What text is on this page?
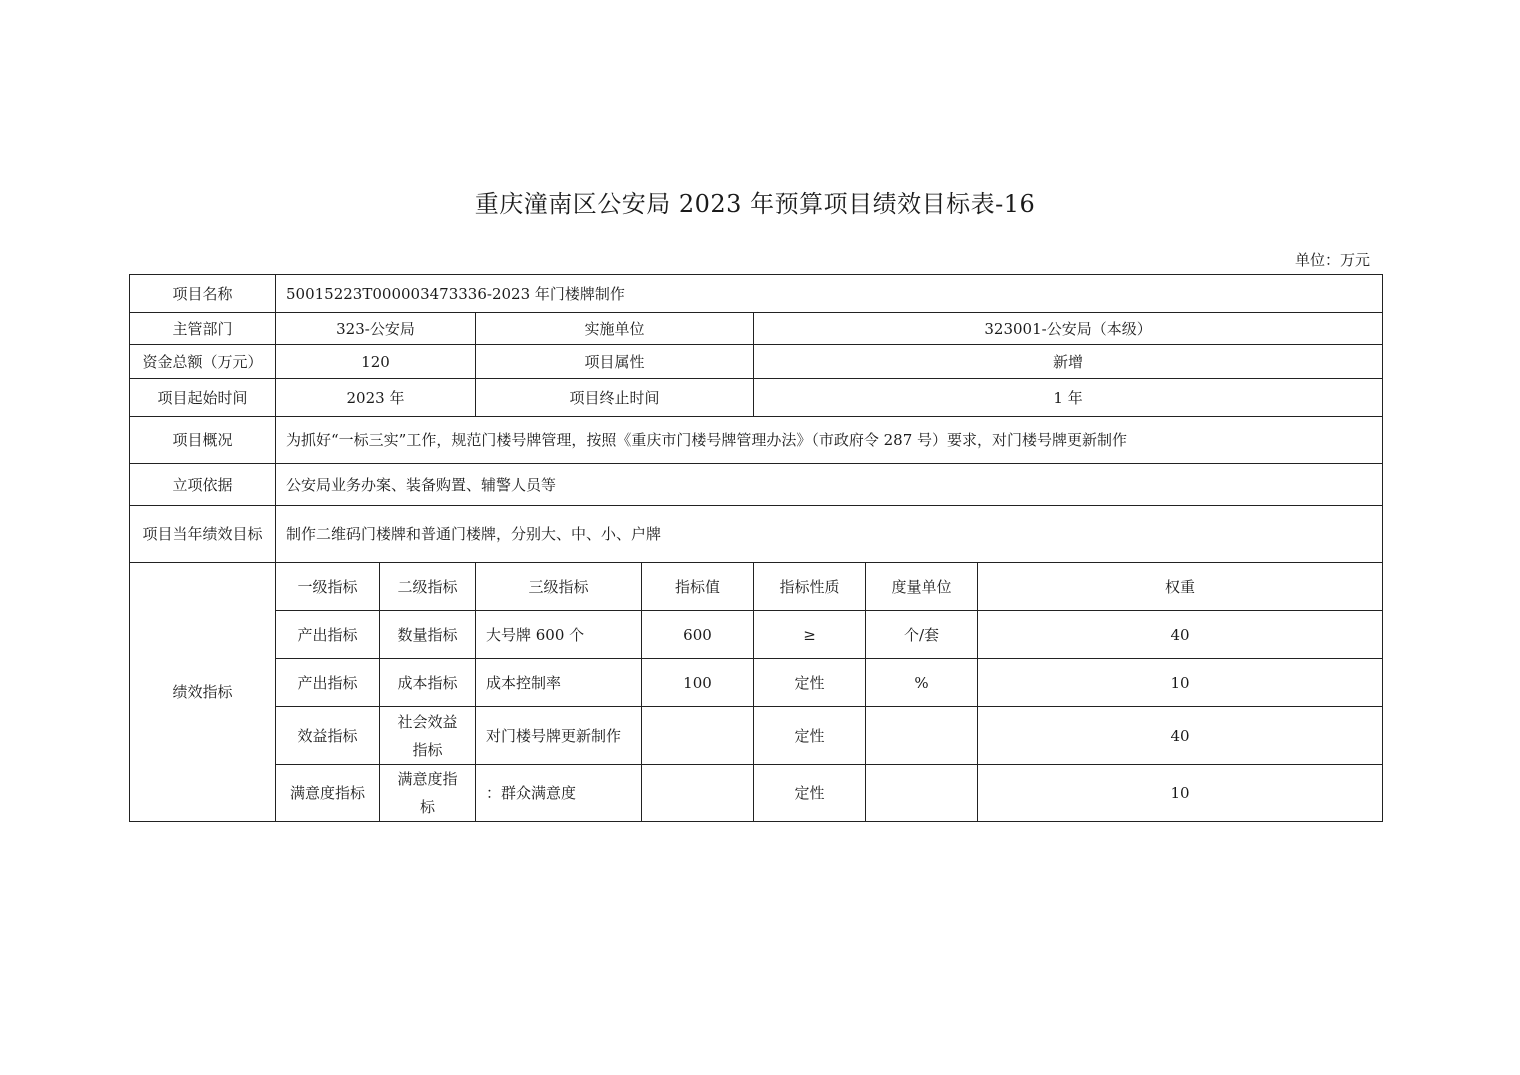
重庆潼南区公安局 2023 年预算项目绩效目标表-16
单位：万元
项目名称	50015223T000003473336-2023 年门楼牌制作						
主管部门	323-公安局		实施单位		323001-公安局（本级）		
资金总额（万元）	120		项目属性		新增		
项目起始时间	2023 年		项目终止时间		1 年		
项目概况	为抓好“一标三实”工作，规范门楼号牌管理，按照《重庆市门楼号牌管理办法》（市政府令 287 号）要求，对门楼号牌更新制作						
立项依据	公安局业务办案、装备购置、辅警人员等						
项目当年绩效目标	制作二维码门楼牌和普通门楼牌，分别大、中、小、户牌						
绩效指标	一级指标	二级指标	三级指标	指标值	指标性质	度量单位	权重
	产出指标	数量指标	大号牌 600 个	600	≥	个/套	40
	产出指标	成本指标	成本控制率	100	定性	%	10
	效益指标	社会效益指标	对门楼号牌更新制作		定性		40
	满意度指标	满意度指标	：群众满意度		定性		10
